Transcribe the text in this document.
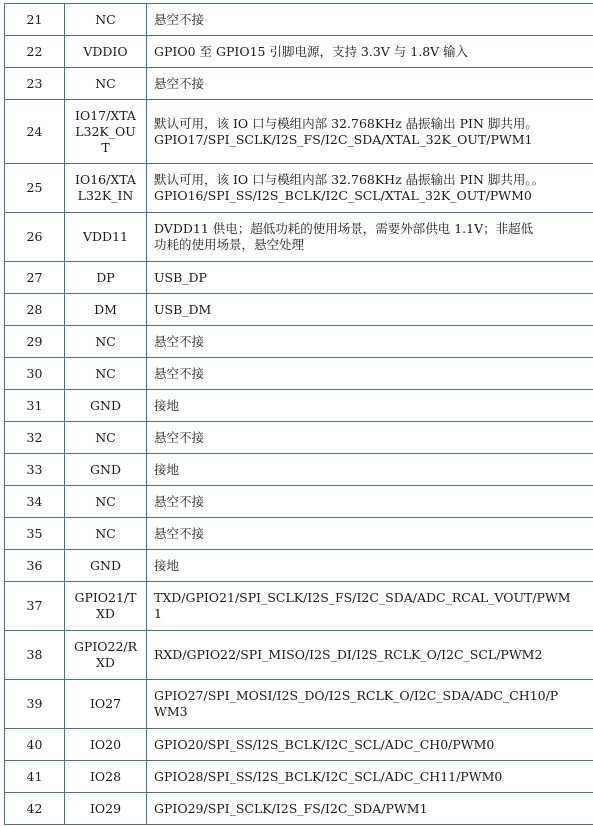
21	NC	悬空不接
22	VDDIO	GPIO0 至 GPIO15 引脚电源，支持 3.3V 与 1.8V 输入
23	NC	悬空不接
24	IO17/XTA
L32K_OU
T	默认可用，该 IO 口与模组内部 32.768KHz 晶振输出 PIN 脚共用。
GPIO17/SPI_SCLK/I2S_FS/I2C_SDA/XTAL_32K_OUT/PWM1
25	IO16/XTA
L32K_IN	默认可用，该 IO 口与模组内部 32.768KHz 晶振输出 PIN 脚共用。。
GPIO16/SPI_SS/I2S_BCLK/I2C_SCL/XTAL_32K_OUT/PWM0
26	VDD11	DVDD11 供电；超低功耗的使用场景，需要外部供电 1.1V；非超低
功耗的使用场景，悬空处理
27	DP	USB_DP
28	DM	USB_DM
29	NC	悬空不接
30	NC	悬空不接
31	GND	接地
32	NC	悬空不接
33	GND	接地
34	NC	悬空不接
35	NC	悬空不接
36	GND	接地
37	GPIO21/T
XD	TXD/GPIO21/SPI_SCLK/I2S_FS/I2C_SDA/ADC_RCAL_VOUT/PWM
1
38	GPIO22/R
XD	RXD/GPIO22/SPI_MISO/I2S_DI/I2S_RCLK_O/I2C_SCL/PWM2
39	IO27	GPIO27/SPI_MOSI/I2S_DO/I2S_RCLK_O/I2C_SDA/ADC_CH10/P
WM3
40	IO20	GPIO20/SPI_SS/I2S_BCLK/I2C_SCL/ADC_CH0/PWM0
41	IO28	GPIO28/SPI_SS/I2S_BCLK/I2C_SCL/ADC_CH11/PWM0
42	IO29	GPIO29/SPI_SCLK/I2S_FS/I2C_SDA/PWM1
